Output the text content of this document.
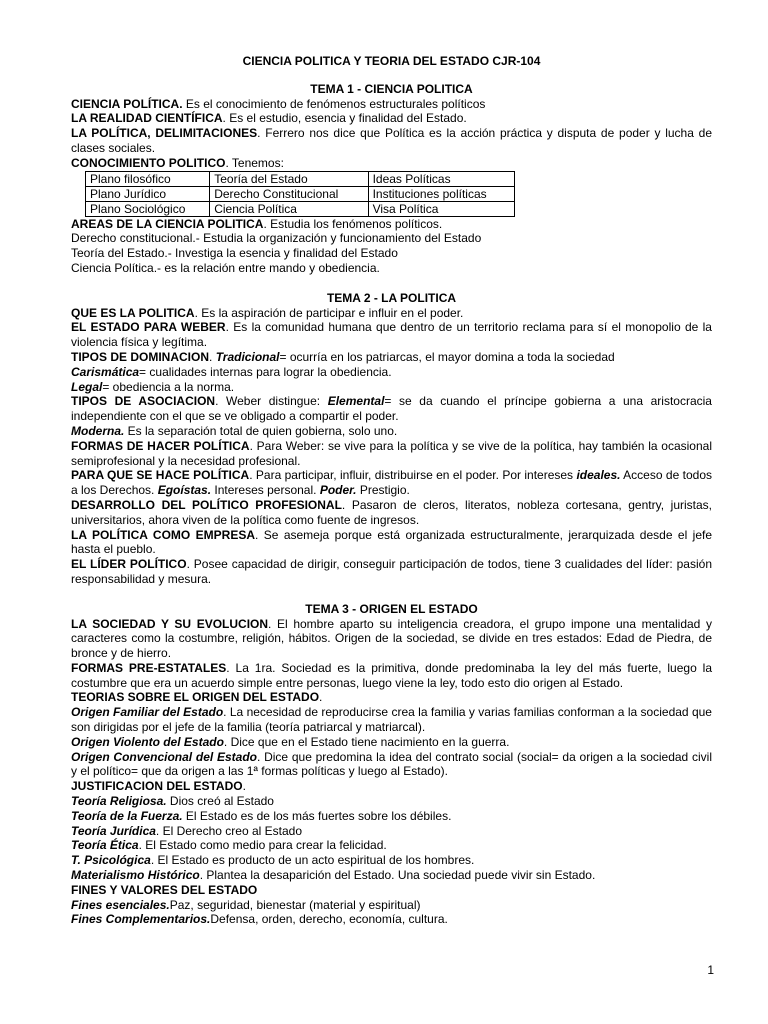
CIENCIA POLITICA Y TEORIA DEL ESTADO CJR-104
TEMA 1 - CIENCIA POLITICA

CIENCIA POLÍTICA. Es el conocimiento de fenómenos estructurales políticos

LA REALIDAD CIENTÍFICA. Es el estudio, esencia y finalidad del Estado.

LA POLÍTICA, DELIMITACIONES. Ferrero nos dice que Política es la acción práctica y disputa de poder y lucha de clases sociales.

CONOCIMIENTO POLITICO. Tenemos:

Plano filosófico	Teoría del Estado	Ideas Políticas
Plano Jurídico	Derecho Constitucional	Instituciones políticas
Plano Sociológico	Ciencia Política	Visa Política

AREAS DE LA CIENCIA POLITICA. Estudia los fenómenos políticos.

Derecho constitucional.- Estudia la organización y funcionamiento del Estado

Teoría del Estado.- Investiga la esencia y finalidad del Estado

Ciencia Política.- es la relación entre mando y obediencia.

TEMA 2 - LA POLITICA

QUE ES LA POLITICA. Es la aspiración de participar e influir en el poder.

EL ESTADO PARA WEBER. Es la comunidad humana que dentro de un territorio reclama para sí el monopolio de la violencia física y legítima.

TIPOS DE DOMINACION. Tradicional= ocurría en los patriarcas, el mayor domina a toda la sociedad

Carismática= cualidades internas para lograr la obediencia.

Legal= obediencia a la norma.

TIPOS DE ASOCIACION. Weber distingue: Elemental= se da cuando el príncipe gobierna a una aristocracia independiente con el que se ve obligado a compartir el poder.

Moderna. Es la separación total de quien gobierna, solo uno.

FORMAS DE HACER POLÍTICA. Para Weber: se vive para la política y se vive de la política, hay también la ocasional semiprofesional y la necesidad profesional.

PARA QUE SE HACE POLÍTICA. Para participar, influir, distribuirse en el poder. Por intereses ideales. Acceso de todos a los Derechos. Egoístas. Intereses personal. Poder. Prestigio.

DESARROLLO DEL POLÍTICO PROFESIONAL. Pasaron de cleros, literatos, nobleza cortesana, gentry, juristas, universitarios, ahora viven de la política como fuente de ingresos.

LA POLÍTICA COMO EMPRESA. Se asemeja porque está organizada estructuralmente, jerarquizada desde el jefe hasta el pueblo.

EL LÍDER POLÍTICO. Posee capacidad de dirigir, conseguir participación de todos, tiene 3 cualidades del líder: pasión responsabilidad y mesura.

TEMA 3 - ORIGEN EL ESTADO

LA SOCIEDAD Y SU EVOLUCION. El hombre aparto su inteligencia creadora, el grupo impone una mentalidad y caracteres como la costumbre, religión, hábitos. Origen de la sociedad, se divide en tres estados: Edad de Piedra, de bronce y de hierro.

FORMAS PRE-ESTATALES. La 1ra. Sociedad es la primitiva, donde predominaba la ley del más fuerte, luego la costumbre que era un acuerdo simple entre personas, luego viene la ley, todo esto dio origen al Estado.

TEORIAS SOBRE EL ORIGEN DEL ESTADO.

Origen Familiar del Estado. La necesidad de reproducirse crea la familia y varias familias conforman a la sociedad que son dirigidas por el jefe de la familia (teoría patriarcal y matriarcal).

Origen Violento del Estado. Dice que en el Estado tiene nacimiento en la guerra.

Origen Convencional del Estado. Dice que predomina la idea del contrato social (social= da origen a la sociedad civil y el político= que da origen a las 1ª formas políticas y luego al Estado).

JUSTIFICACION DEL ESTADO.

Teoría Religiosa. Dios creó al Estado

Teoría de la Fuerza. El Estado es de los más fuertes sobre los débiles.

Teoría Jurídica. El Derecho creo al Estado

Teoría Ética. El Estado como medio para crear la felicidad.

T. Psicológica. El Estado es producto de un acto espiritual de los hombres.

Materialismo Histórico. Plantea la desaparición del Estado. Una sociedad puede vivir sin Estado.

FINES Y VALORES DEL ESTADO

Fines esenciales.Paz, seguridad, bienestar (material y espiritual)

Fines Complementarios.Defensa, orden, derecho, economía, cultura.

1
